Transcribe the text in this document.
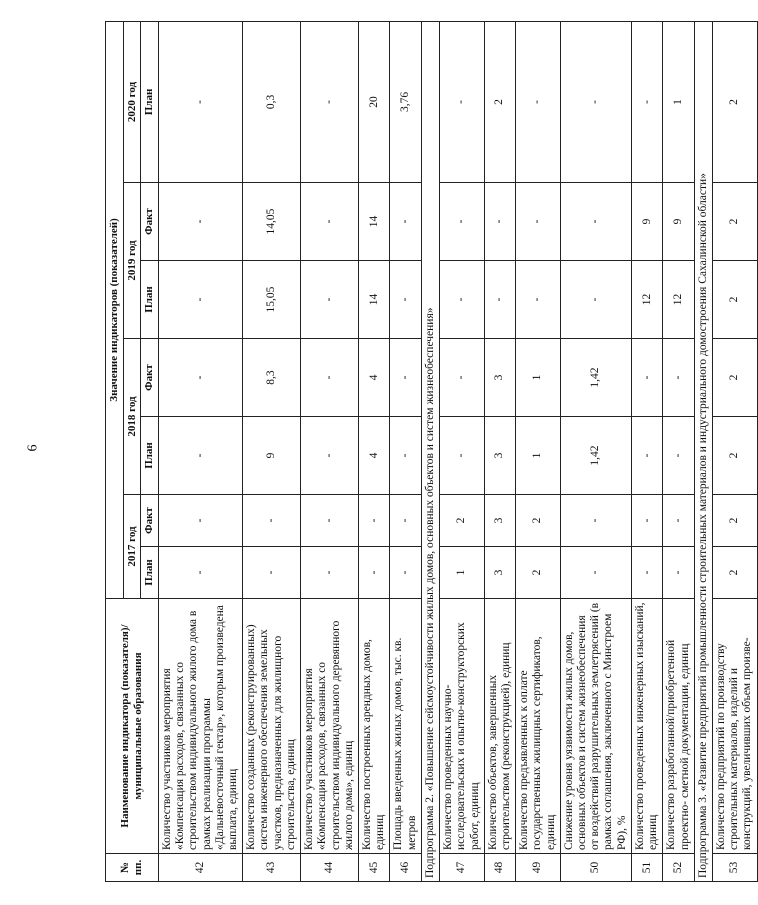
6
№ пп.	Наименование индикатора (показателя)/муниципальные образования	Значение индикаторов (показателей)						
		2017 год		2018 год		2019 год		2020 год
		План	Факт	План	Факт	План	Факт	План
42	Количество участников мероприятия «Компенсация расходов, связанных со строительством индивидуального жилого дома в рамках реализации программы «Дальневосточный гектар», которым произведена выплата, единиц	-	-	-	-	-	-	-
43	Количество созданных (реконструированных) систем инженерного обеспечения земельных участков, предназначенных для жилищного строительства, единиц	-	-	9	8,3	15,05	14,05	0,3
44	Количество участников мероприятия «Компенсация расходов, связанных со строительством индивидуального деревянного жилого дома», единиц	-	-	-	-	-	-	-
45	Количество построенных арендных домов, единиц	-	-	4	4	14	14	20
46	Площадь введенных жилых домов, тыс. кв. метров	-	-	-	-	-	-	3,76
Подпрограмма 2. «Повышение сейсмоустойчивости жилых домов, основных объектов и систем жизнеобеспечения»								
47	Количество проведенных научно-исследовательских и опытно-конструкторских работ, единиц	1	2	-	-	-	-	-
48	Количество объектов, завершенных строительством (реконструкцией), единиц	3	3	3	3	-	-	2
49	Количество предъявленных к оплате государственных жилищных сертификатов, единиц	2	2	1	1	-	-	-
50	Снижение уровня уязвимости жилых домов, основных объектов и систем жизнеобеспечения от воздействий разрушительных землетрясений (в рамках соглашения, заключенного с Минстроем РФ), %	-	-	1,42	1,42	-	-	-
51	Количество проведенных инженерных изысканий, единиц	-	-	-	-	12	9	-
52	Количество разработанной/приобретенной проектно- сметной документации, единиц	-	-	-	-	12	9	1
Подпрограмма 3. «Развитие предприятий промышленности строительных материалов и индустриального домостроения Сахалинской области»								
53	Количество предприятий по производству строительных материалов, изделий и конструкций, увеличивших объем произве-	2	2	2	2	2	2	2
